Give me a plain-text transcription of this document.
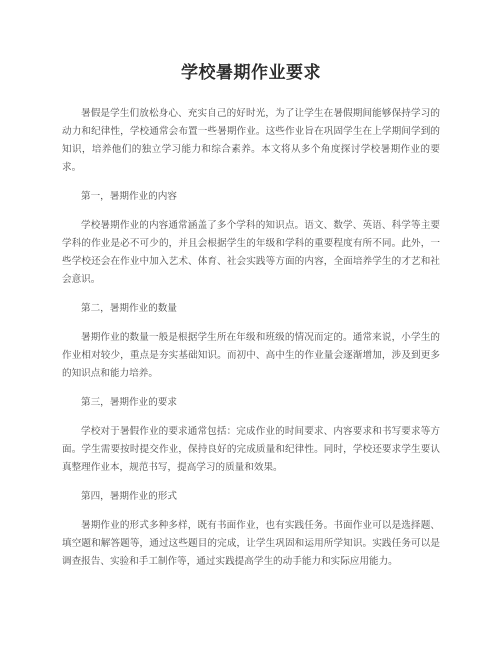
学校暑期作业要求

暑假是学生们放松身心、充实自己的好时光，为了让学生在暑假期间能够保持学习的动力和纪律性，学校通常会布置一些暑期作业。这些作业旨在巩固学生在上学期间学到的知识，培养他们的独立学习能力和综合素养。本文将从多个角度探讨学校暑期作业的要求。

第一，暑期作业的内容

学校暑期作业的内容通常涵盖了多个学科的知识点。语文、数学、英语、科学等主要学科的作业是必不可少的，并且会根据学生的年级和学科的重要程度有所不同。此外，一些学校还会在作业中加入艺术、体育、社会实践等方面的内容，全面培养学生的才艺和社会意识。

第二，暑期作业的数量

暑期作业的数量一般是根据学生所在年级和班级的情况而定的。通常来说，小学生的作业相对较少，重点是夯实基础知识。而初中、高中生的作业量会逐渐增加，涉及到更多的知识点和能力培养。

第三，暑期作业的要求

学校对于暑假作业的要求通常包括：完成作业的时间要求、内容要求和书写要求等方面。学生需要按时提交作业，保持良好的完成质量和纪律性。同时，学校还要求学生要认真整理作业本，规范书写，提高学习的质量和效果。

第四，暑期作业的形式

暑期作业的形式多种多样，既有书面作业，也有实践任务。书面作业可以是选择题、填空题和解答题等，通过这些题目的完成，让学生巩固和运用所学知识。实践任务可以是调查报告、实验和手工制作等，通过实践提高学生的动手能力和实际应用能力。
